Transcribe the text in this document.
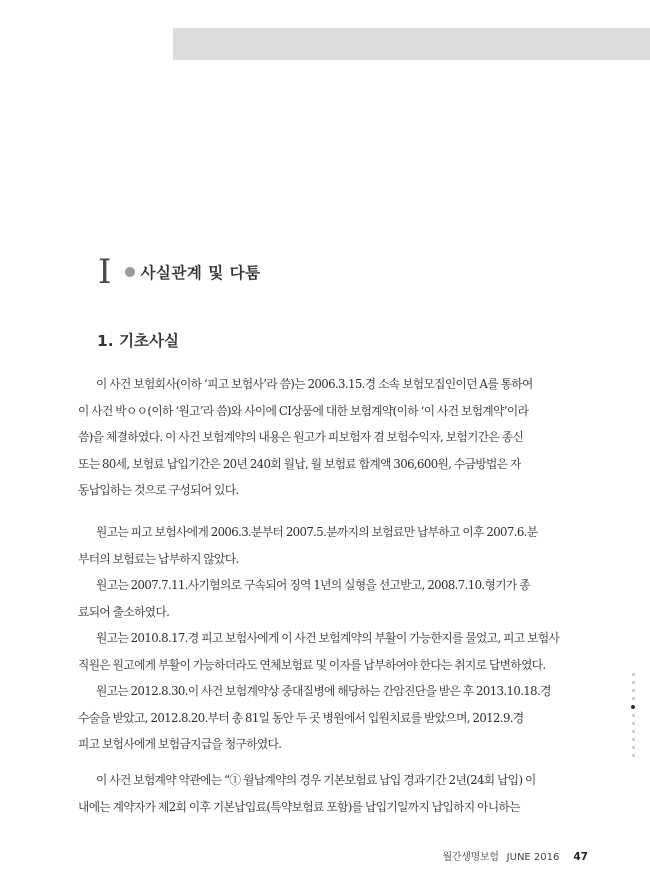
I 사실관계 및 다툼
1. 기초사실

이 사건 보험회사(이하 ‘피고 보험사’라 씀)는 2006.3.15.경 소속 보험모집인이던 A를 통하여

이 사건 박ㅇㅇ(이하 ‘원고’라 씀)와 사이에 CI상품에 대한 보험계약(이하 ‘이 사건 보험계약’이라

씀)을 체결하였다. 이 사건 보험계약의 내용은 원고가 피보험자 겸 보험수익자, 보험기간은 종신

또는 80세, 보험료 납입기간은 20년 240회 월납, 월 보험료 합계액 306,600원, 수금방법은 자

동납입하는 것으로 구성되어 있다.

원고는 피고 보험사에게 2006.3.분부터 2007.5.분까지의 보험료만 납부하고 이후 2007.6.분

부터의 보험료는 납부하지 않았다.

원고는 2007.7.11.사기혐의로 구속되어 징역 1년의 실형을 선고받고, 2008.7.10.형기가 종

료되어 출소하였다.

원고는 2010.8.17.경 피고 보험사에게 이 사건 보험계약의 부활이 가능한지를 물었고, 피고 보험사

직원은 원고에게 부활이 가능하더라도 연체보험료 및 이자를 납부하여야 한다는 취지로 답변하였다.

원고는 2012.8.30.이 사건 보험계약상 중대질병에 해당하는 간암진단을 받은 후 2013.10.18.경

수술을 받았고, 2012.8.20.부터 총 81일 동안 두 곳 병원에서 입원치료를 받았으며, 2012.9.경

피고 보험사에게 보험금지급을 청구하였다.

이 사건 보험계약 약관에는 “① 월납계약의 경우 기본보험료 납입 경과기간 2년(24회 납입) 이

내에는 계약자가 제2회 이후 기본납입료(특약보험료 포함)를 납입기일까지 납입하지 아니하는

월간생명보험 JUNE 2016 47
